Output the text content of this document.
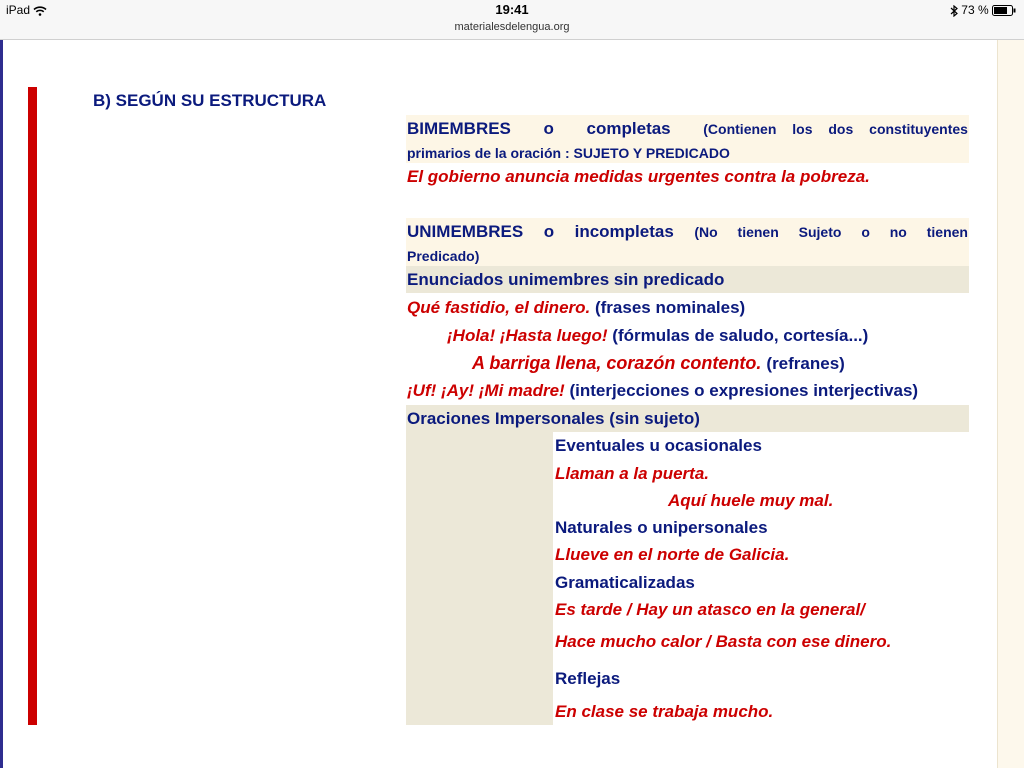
iPad	19:41	73 %
materialesdelengua.org
B) SEGÚN SU ESTRUCTURA
BIMEMBRES o completas (Contienen los dos constituyentes
primarios de la oración : SUJETO Y PREDICADO
El gobierno anuncia medidas urgentes contra la pobreza.
UNIMEMBRES o incompletas (No tienen Sujeto o no tienen
Predicado)
Enunciados unimembres sin predicado
Qué fastidio, el dinero. (frases nominales)
¡Hola! ¡Hasta luego! (fórmulas de saludo, cortesía...)
A barriga llena, corazón contento. (refranes)
¡Uf! ¡Ay! ¡Mi madre! (interjecciones o expresiones interjectivas)
Oraciones Impersonales (sin sujeto)
Eventuales u ocasionales
Llaman a la puerta.
Aquí huele muy mal.
Naturales o unipersonales
Llueve en el norte de Galicia.
Gramaticalizadas
Es tarde / Hay un atasco en la general/
Hace mucho calor / Basta con ese dinero.
Reflejas
En clase se trabaja mucho.
